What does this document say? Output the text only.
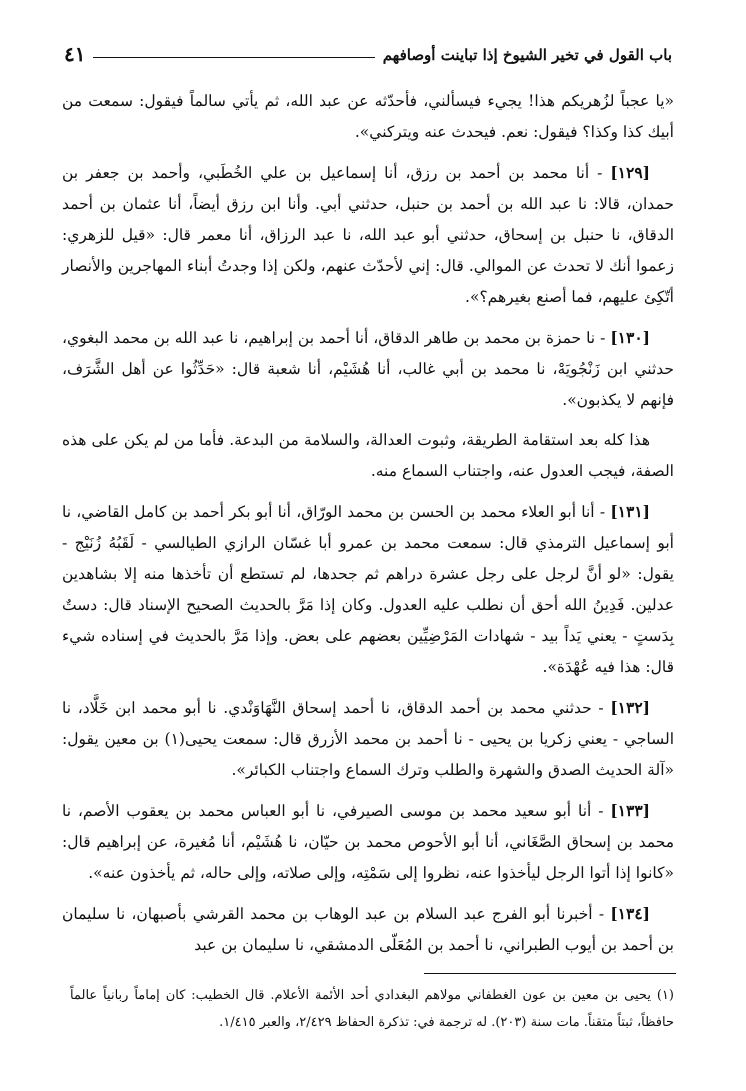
باب القول في تخير الشيوخ إذا تباينت أوصافهم
٤١

«يا عجباً لزُهريكم هذا! يجيء فيسألني، فأحدّثه عن عبد الله، ثم يأتي سالماً فيقول: سمعت من أبيك كذا وكذا؟ فيقول: نعم. فيحدث عنه ويتركني».

[١٢٩] - أنا محمد بن أحمد بن رزق، أنا إسماعيل بن علي الخُطَبي، وأحمد بن جعفر بن حمدان، قالا: نا عبد الله بن أحمد بن حنبل، حدثني أبي. وأنا ابن رزق أيضاً، أنا عثمان بن أحمد الدقاق، نا حنبل بن إسحاق، حدثني أبو عبد الله، نا عبد الرزاق، أنا معمر قال: «قيل للزهري: زعموا أنك لا تحدث عن الموالي. قال: إني لأحدّث عنهم، ولكن إذا وجدتُ أبناء المهاجرين والأنصار أتّكِئ عليهم، فما أصنع بغيرهم؟».

[١٣٠] - نا حمزة بن محمد بن طاهر الدقاق، أنا أحمد بن إبراهيم، نا عبد الله بن محمد البغوي، حدثني ابن زَنْجُويَهْ، نا محمد بن أبي غالب، أنا هُشَيْم، أنا شعبة قال: «حَدِّثُوا عن أهل الشَّرَف، فإنهم لا يكذبون».

هذا كله بعد استقامة الطريقة، وثبوت العدالة، والسلامة من البدعة. فأما من لم يكن على هذه الصفة، فيجب العدول عنه، واجتناب السماع منه.

[١٣١] - أنا أبو العلاء محمد بن الحسن بن محمد الورّاق، أنا أبو بكر أحمد بن كامل القاضي، نا أبو إسماعيل الترمذي قال: سمعت محمد بن عمرو أبا غسّان الرازي الطيالسي - لَقَبُهُ زُنَيْج - يقول: «لو أنَّ لرجل على رجل عشرة دراهم ثم جحدها، لم تستطع أن تأخذها منه إلا بشاهدين عدلين. فَدِينُ الله أحق أن نطلب عليه العدول. وكان إذا مَرَّ بالحديث الصحيح الإسناد قال: دستٌ بِدَستٍ - يعني يَداً بيد - شهادات المَرْضِيِّين بعضهم على بعض. وإذا مَرَّ بالحديث في إسناده شيء قال: هذا فيه عُهْدَة».

[١٣٢] - حدثني محمد بن أحمد الدقاق، نا أحمد إسحاق النَّهَاوَنْدي. نا أبو محمد ابن خَلَّاد، نا الساجي - يعني زكريا بن يحيى - نا أحمد بن محمد الأزرق قال: سمعت يحيى(١) بن معين يقول: «آلة الحديث الصدق والشهرة والطلب وترك السماع واجتناب الكبائر».

[١٣٣] - أنا أبو سعيد محمد بن موسى الصيرفي، نا أبو العباس محمد بن يعقوب الأصم، نا محمد بن إسحاق الصَّغَاني، أنا أبو الأحوص محمد بن حيّان، نا هُشَيْم، أنا مُغيرة، عن إبراهيم قال: «كانوا إذا أتوا الرجل ليأخذوا عنه، نظروا إلى سَمْتِه، وإلى صلاته، وإلى حاله، ثم يأخذون عنه».

[١٣٤] - أخبرنا أبو الفرج عبد السلام بن عبد الوهاب بن محمد القرشي بأصبهان، نا سليمان بن أحمد بن أيوب الطبراني، نا أحمد بن المُعَلّى الدمشقي، نا سليمان بن عبد

(١) يحيى بن معين بن عون الغطفاني مولاهم البغدادي أحد الأئمة الأعلام. قال الخطيب: كان إماماً ربانياً عالماً حافظاً، ثبتاً متقناً. مات سنة (٢٠٣). له ترجمة في: تذكرة الحفاظ ٢/٤٢٩، والعبر ١/٤١٥.
